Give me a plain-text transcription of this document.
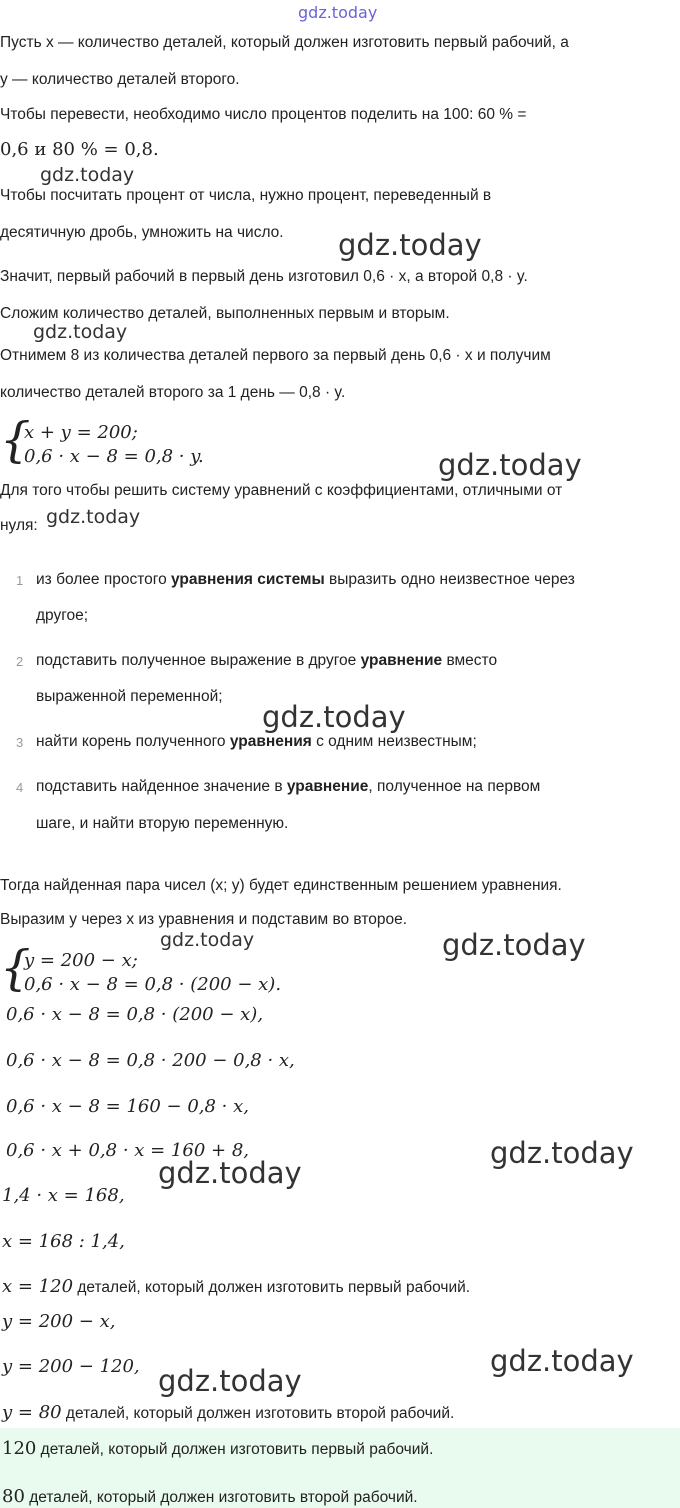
gdz.today
gdz.today
gdz.today
gdz.today
gdz.today
gdz.today
gdz.today
gdz.today	gdz.today
gdz.today
gdz.today
gdz.today
gdz.today
Пусть x — количество деталей, который должен изготовить первый рабочий, а
y — количество деталей второго.
Чтобы перевести, необходимо число процентов поделить на 100: 60 % =
0,6 и 80 % = 0,8.
Чтобы посчитать процент от числа, нужно процент, переведенный в
десятичную дробь, умножить на число.
Значит, первый рабочий в первый день изготовил 0,6 · x, а второй 0,8 · y.
Сложим количество деталей, выполненных первым и вторым.
Отнимем 8 из количества деталей первого за первый день 0,6 · x и получим
количество деталей второго за 1 день — 0,8 · y.
{
x + y = 200;
0,6 · x − 8 = 0,8 · y.
Для того чтобы решить систему уравнений с коэффициентами, отличными от
нуля:
1 из более простого уравнения системы выразить одно неизвестное через
другое;
2 подставить полученное выражение в другое уравнение вместо
выраженной переменной;
3 найти корень полученного уравнения с одним неизвестным;
4 подставить найденное значение в уравнение, полученное на первом
шаге, и найти вторую переменную.
Тогда найденная пара чисел (x; y) будет единственным решением уравнения.
Выразим y через x из уравнения и подставим во второе.
{
y = 200 − x;
0,6 · x − 8 = 0,8 · (200 − x).
0,6 · x − 8 = 0,8 · (200 − x),
0,6 · x − 8 = 0,8 · 200 − 0,8 · x,
0,6 · x − 8 = 160 − 0,8 · x,
0,6 · x + 0,8 · x = 160 + 8,
1,4 · x = 168,
x = 168 : 1,4,
x = 120 деталей, который должен изготовить первый рабочий.
y = 200 − x,
y = 200 − 120,
y = 80 деталей, который должен изготовить второй рабочий.
120 деталей, который должен изготовить первый рабочий.
80 деталей, который должен изготовить второй рабочий.
